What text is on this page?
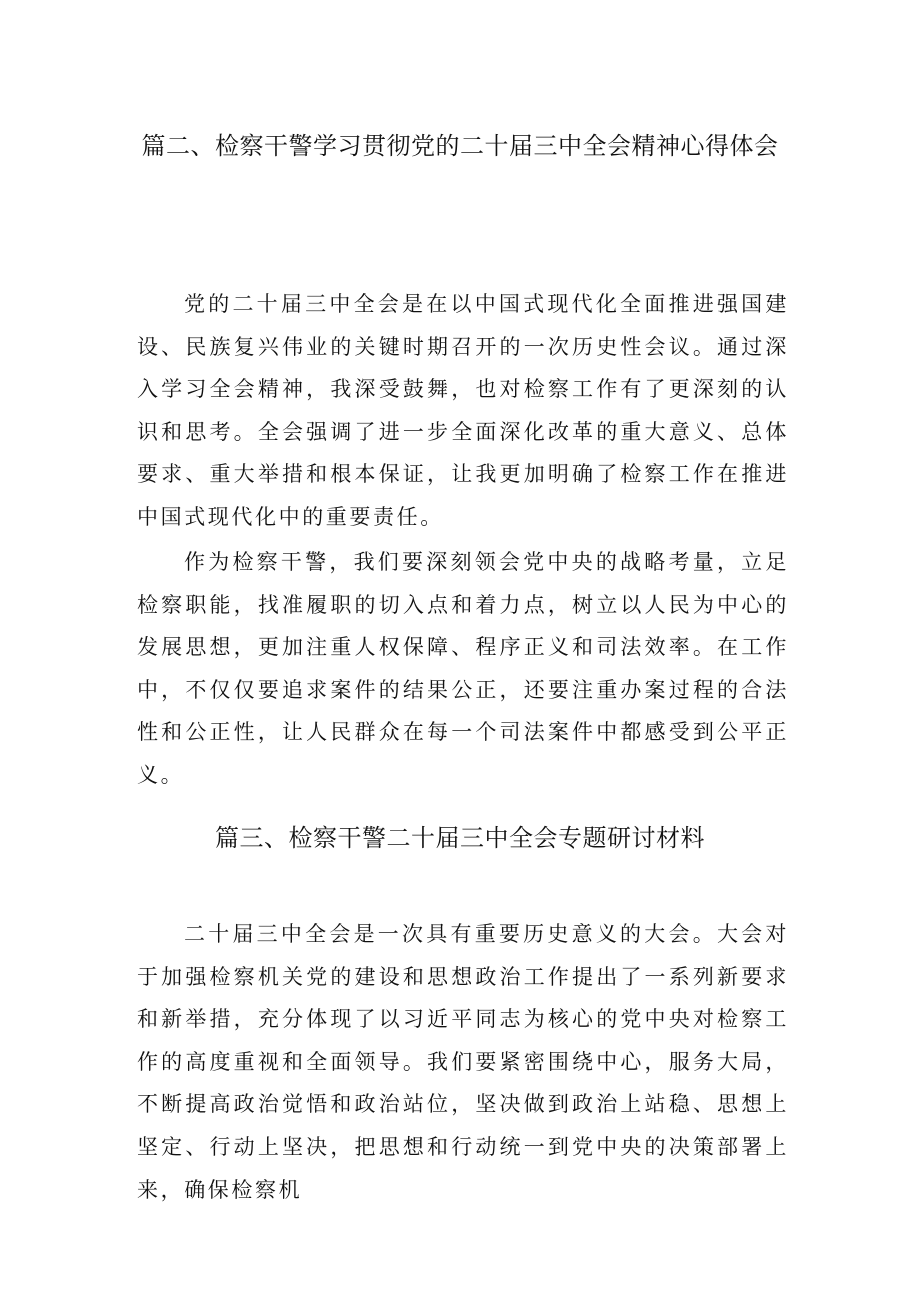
篇二、检察干警学习贯彻党的二十届三中全会精神心得体会

党的二十届三中全会是在以中国式现代化全面推进强国建设、民族复兴伟业的关键时期召开的一次历史性会议。通过深入学习全会精神，我深受鼓舞，也对检察工作有了更深刻的认识和思考。全会强调了进一步全面深化改革的重大意义、总体要求、重大举措和根本保证，让我更加明确了检察工作在推进中国式现代化中的重要责任。

作为检察干警，我们要深刻领会党中央的战略考量，立足检察职能，找准履职的切入点和着力点，树立以人民为中心的发展思想，更加注重人权保障、程序正义和司法效率。在工作中，不仅仅要追求案件的结果公正，还要注重办案过程的合法性和公正性，让人民群众在每一个司法案件中都感受到公平正义。

篇三、检察干警二十届三中全会专题研讨材料

二十届三中全会是一次具有重要历史意义的大会。大会对于加强检察机关党的建设和思想政治工作提出了一系列新要求和新举措，充分体现了以习近平同志为核心的党中央对检察工作的高度重视和全面领导。我们要紧密围绕中心，服务大局，不断提高政治觉悟和政治站位，坚决做到政治上站稳、思想上坚定、行动上坚决，把思想和行动统一到党中央的决策部署上来，确保检察机
